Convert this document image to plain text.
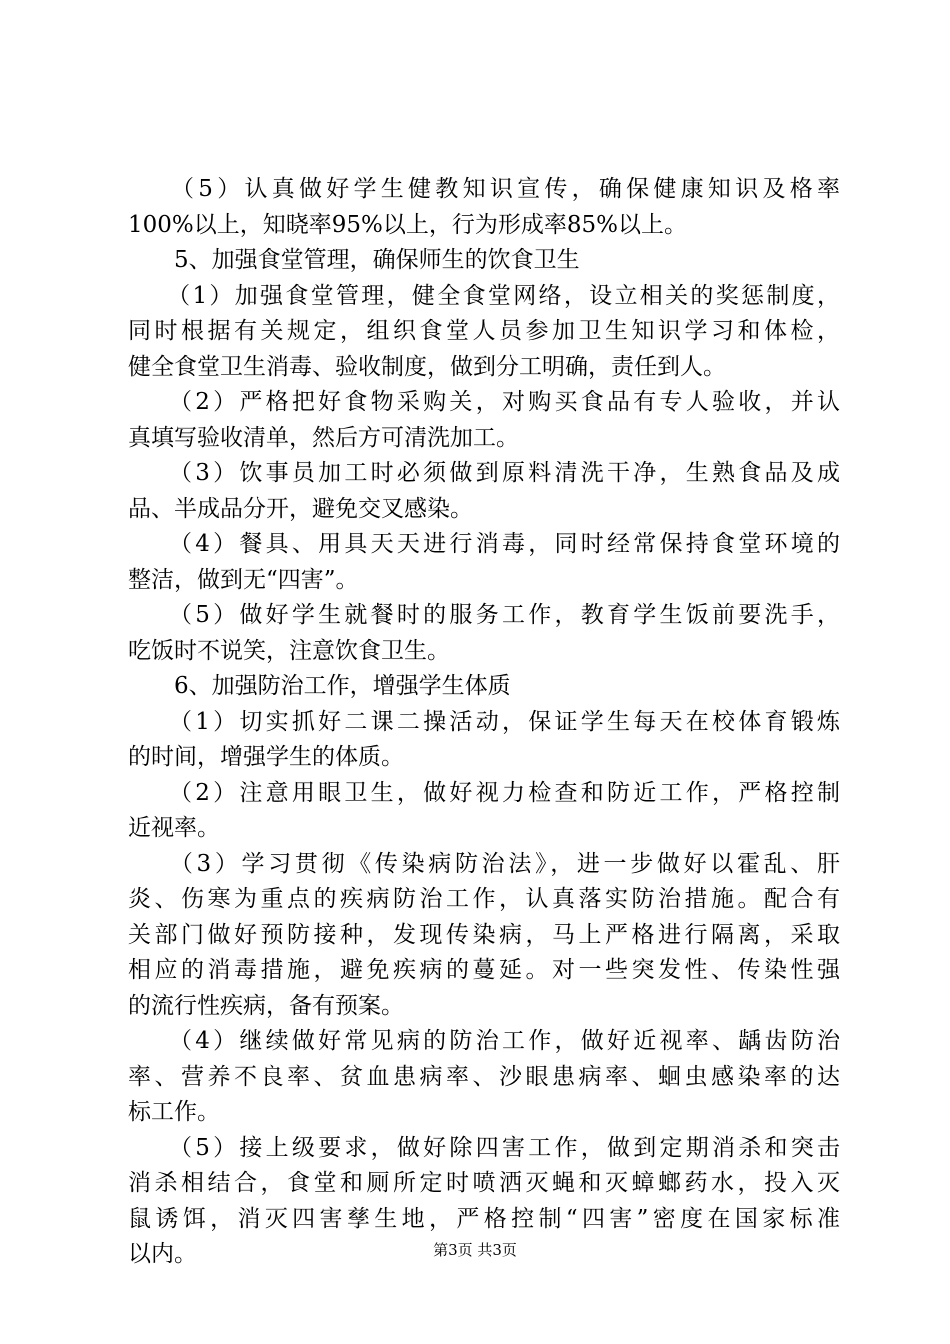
　　（5）认真做好学生健教知识宣传，确保健康知识及格率
100%以上，知晓率95%以上，行为形成率85%以上。
　　5、加强食堂管理，确保师生的饮食卫生
　　（1）加强食堂管理，健全食堂网络，设立相关的奖惩制度，
同时根据有关规定，组织食堂人员参加卫生知识学习和体检，
健全食堂卫生消毒、验收制度，做到分工明确，责任到人。
　　（2）严格把好食物采购关，对购买食品有专人验收，并认
真填写验收清单，然后方可清洗加工。
　　（3）饮事员加工时必须做到原料清洗干净，生熟食品及成
品、半成品分开，避免交叉感染。
　　（4）餐具、用具天天进行消毒，同时经常保持食堂环境的
整洁，做到无“四害”。
　　（5）做好学生就餐时的服务工作，教育学生饭前要洗手，
吃饭时不说笑，注意饮食卫生。
　　6、加强防治工作，增强学生体质
　　（1）切实抓好二课二操活动，保证学生每天在校体育锻炼
的时间，增强学生的体质。
　　（2）注意用眼卫生，做好视力检查和防近工作，严格控制
近视率。
　　（3）学习贯彻《传染病防治法》，进一步做好以霍乱、肝
炎、伤寒为重点的疾病防治工作，认真落实防治措施。配合有
关部门做好预防接种，发现传染病，马上严格进行隔离，采取
相应的消毒措施，避免疾病的蔓延。对一些突发性、传染性强
的流行性疾病，备有预案。
　　（4）继续做好常见病的防治工作，做好近视率、龋齿防治
率、营养不良率、贫血患病率、沙眼患病率、蛔虫感染率的达
标工作。
　　（5）接上级要求，做好除四害工作，做到定期消杀和突击
消杀相结合，食堂和厕所定时喷洒灭蝇和灭蟑螂药水，投入灭
鼠诱饵，消灭四害孳生地，严格控制“四害”密度在国家标准
以内。	第3页 共3页
